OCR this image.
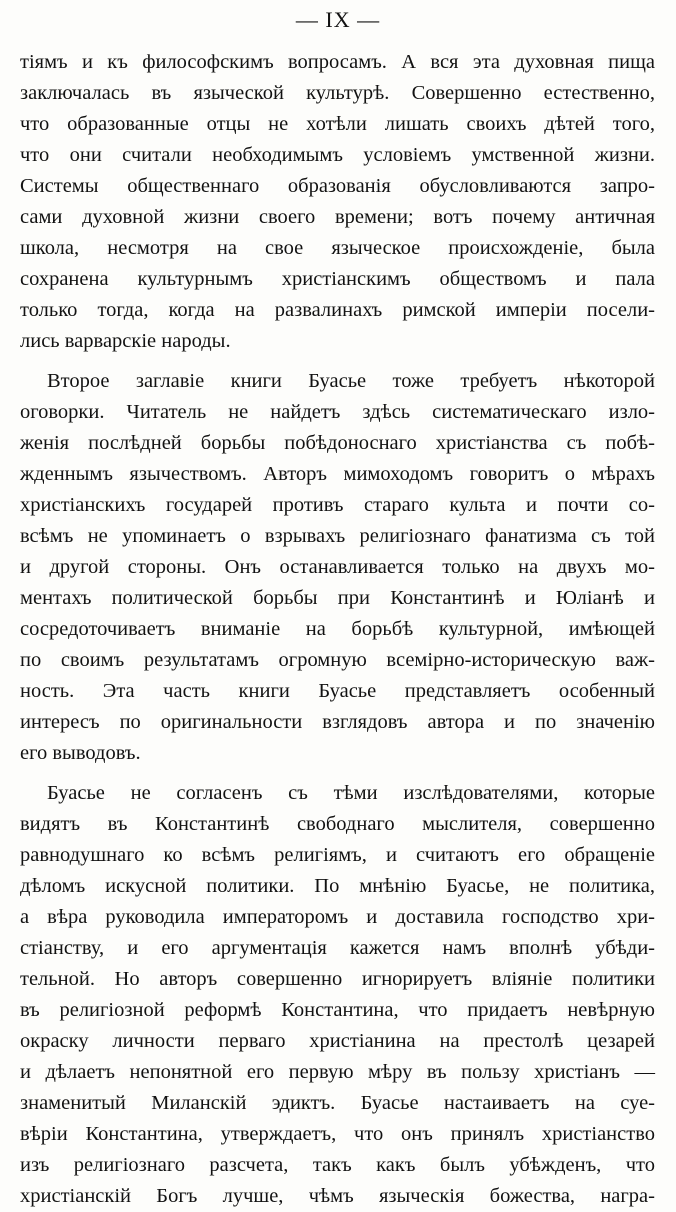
— IX —
тіямъ и къ философскимъ вопросамъ. А вся эта духовная пища
заключалась въ языческой культурѣ. Совершенно естественно,
что образованные отцы не хотѣли лишать своихъ дѣтей того,
что они считали необходимымъ условіемъ умственной жизни.
Системы общественнаго образованія обусловливаются запро-
сами духовной жизни своего времени; вотъ почему античная
школа, несмотря на свое языческое происхожденіе, была
сохранена культурнымъ христіанскимъ обществомъ и пала
только тогда, когда на развалинахъ римской имперіи посели-
лись варварскіе народы.
Второе заглавіе книги Буасье тоже требуетъ нѣкоторой
оговорки. Читатель не найдетъ здѣсь систематическаго изло-
женія послѣдней борьбы побѣдоноснаго христіанства съ побѣ-
жденнымъ язычествомъ. Авторъ мимоходомъ говоритъ о мѣрахъ
христіанскихъ государей противъ стараго культа и почти со-
всѣмъ не упоминаетъ о взрывахъ религіознаго фанатизма съ той
и другой стороны. Онъ останавливается только на двухъ мо-
ментахъ политической борьбы при Константинѣ и Юліанѣ и
сосредоточиваетъ вниманіе на борьбѣ культурной, имѣющей
по своимъ результатамъ огромную всемірно-историческую важ-
ность. Эта часть книги Буасье представляетъ особенный
интересъ по оригинальности взглядовъ автора и по значенію
его выводовъ.
Буасье не согласенъ съ тѣми изслѣдователями, которые
видятъ въ Константинѣ свободнаго мыслителя, совершенно
равнодушнаго ко всѣмъ религіямъ, и считаютъ его обращеніе
дѣломъ искусной политики. По мнѣнію Буасье, не политика,
а вѣра руководила императоромъ и доставила господство хри-
стіанству, и его аргументація кажется намъ вполнѣ убѣди-
тельной. Но авторъ совершенно игнорируетъ вліяніе политики
въ религіозной реформѣ Константина, что придаетъ невѣрную
окраску личности перваго христіанина на престолѣ цезарей
и дѣлаетъ непонятной его первую мѣру въ пользу христіанъ —
знаменитый Миланскій эдиктъ. Буасье настаиваетъ на суе-
вѣріи Константина, утверждаетъ, что онъ принялъ христіанство
изъ религіознаго разсчета, такъ какъ былъ убѣжденъ, что
христіанскій Богъ лучше, чѣмъ языческія божества, награ-
